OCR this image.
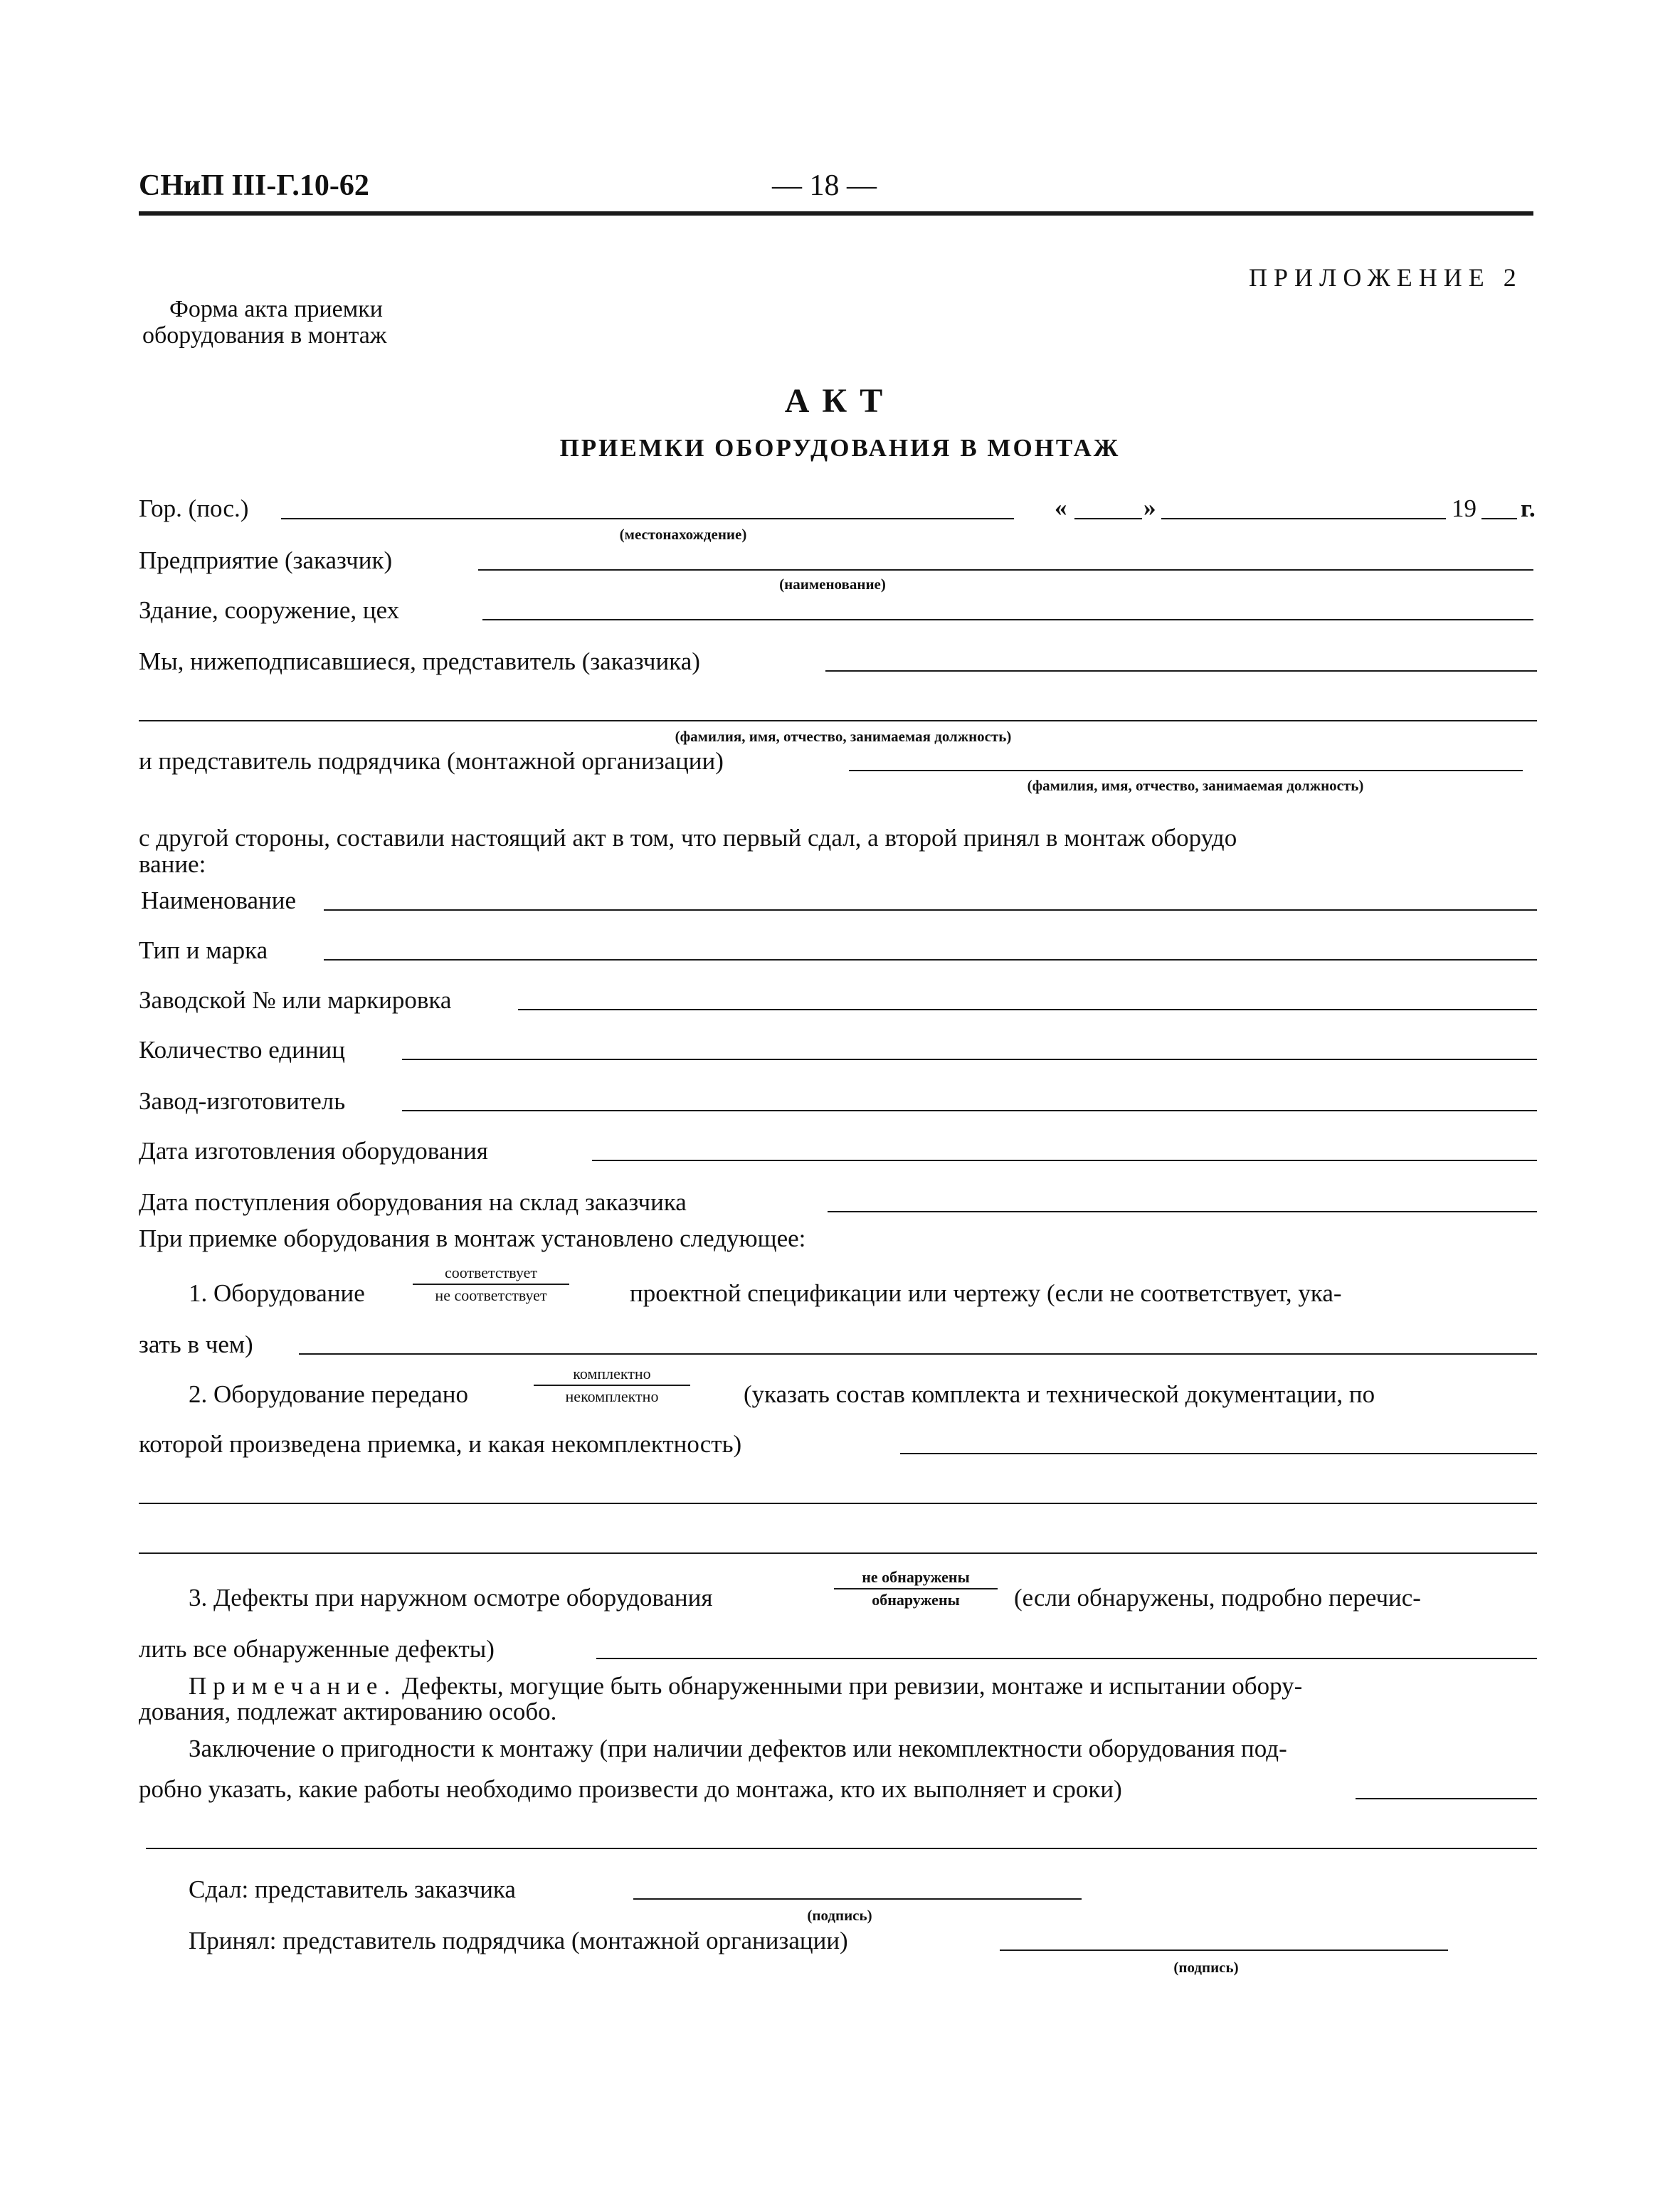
СНиП III-Г.10-62	— 18 —
ПРИЛОЖЕНИЕ 2
Форма акта приемки
оборудования в монтаж
АКТ
ПРИЕМКИ ОБОРУДОВАНИЯ В МОНТАЖ
Гор. (пос.)	«	»	19 г.
(местонахождение)
Предприятие (заказчик)
(наименование)
Здание, сооружение, цех
Мы, нижеподписавшиеся, представитель (заказчика)
(фамилия, имя, отчество, занимаемая должность)
и представитель подрядчика (монтажной организации)
(фамилия, имя, отчество, занимаемая должность)
с другой стороны, составили настоящий акт в том, что первый сдал, а второй принял в монтаж оборудо
вание:
Наименование
Тип и марка
Заводской № или маркировка
Количество единиц
Завод-изготовитель
Дата изготовления оборудования
Дата поступления оборудования на склад заказчика
При приемке оборудования в монтаж установлено следующее:
1. Оборудование
соответствует
не соответствует	проектной спецификации или чертежу (если не соответствует, ука-
зать в чем)
2. Оборудование передано
комплектно
некомплектно	(указать состав комплекта и технической документации, по
которой произведена приемка, и какая некомплектность)
3. Дефекты при наружном осмотре оборудования
не обнаружены
обнаружены	(если обнаружены, подробно перечис-
лить все обнаруженные дефекты)
Примечание. Дефекты, могущие быть обнаруженными при ревизии, монтаже и испытании обору-
дования, подлежат актированию особо.
Заключение о пригодности к монтажу (при наличии дефектов или некомплектности оборудования под-
робно указать, какие работы необходимо произвести до монтажа, кто их выполняет и сроки)
Сдал: представитель заказчика
(подпись)
Принял: представитель подрядчика (монтажной организации)
(подпись)
